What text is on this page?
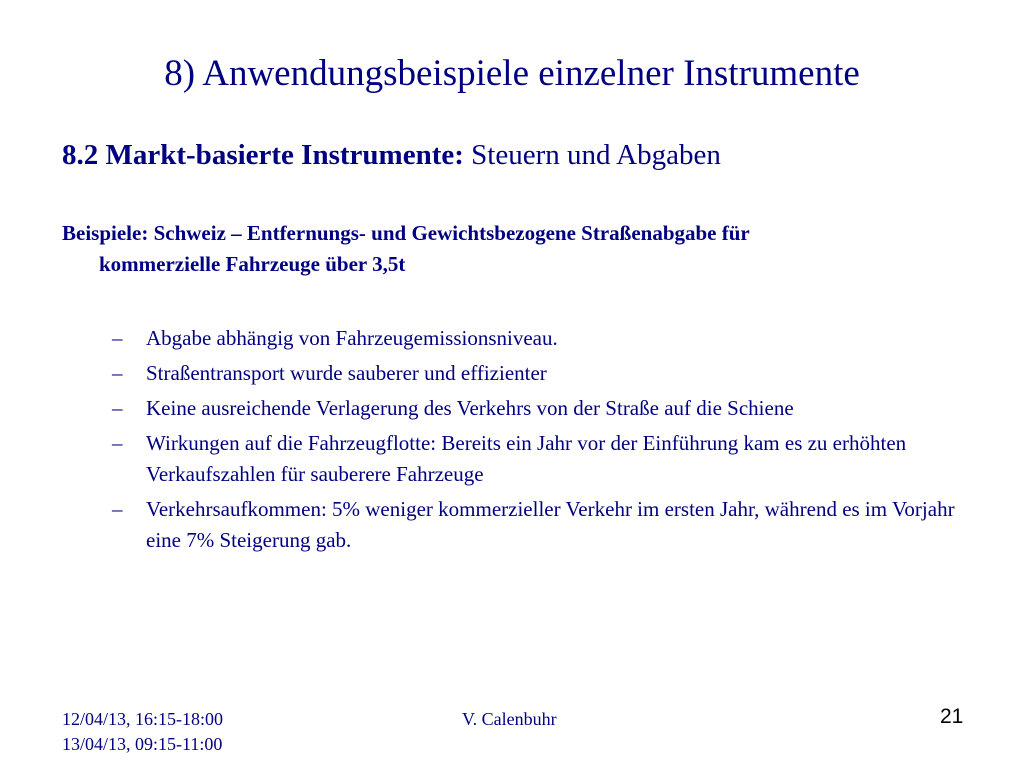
8) Anwendungsbeispiele einzelner Instrumente

8.2 Markt-basierte Instrumente: Steuern und Abgaben

Beispiele: Schweiz – Entfernungs- und Gewichtsbezogene Straßenabgabe für
kommerzielle Fahrzeuge über 3,5t

– Abgabe abhängig von Fahrzeugemissionsniveau.
– Straßentransport wurde sauberer und effizienter
– Keine ausreichende Verlagerung des Verkehrs von der Straße auf die Schiene
– Wirkungen auf die Fahrzeugflotte: Bereits ein Jahr vor der Einführung kam es zu erhöhten Verkaufszahlen für sauberere Fahrzeuge
– Verkehrsaufkommen: 5% weniger kommerzieller Verkehr im ersten Jahr, während es im Vorjahr eine 7% Steigerung gab.
12/04/13, 16:15-18:00
13/04/13, 09:15-11:00
V. Calenbuhr	21
